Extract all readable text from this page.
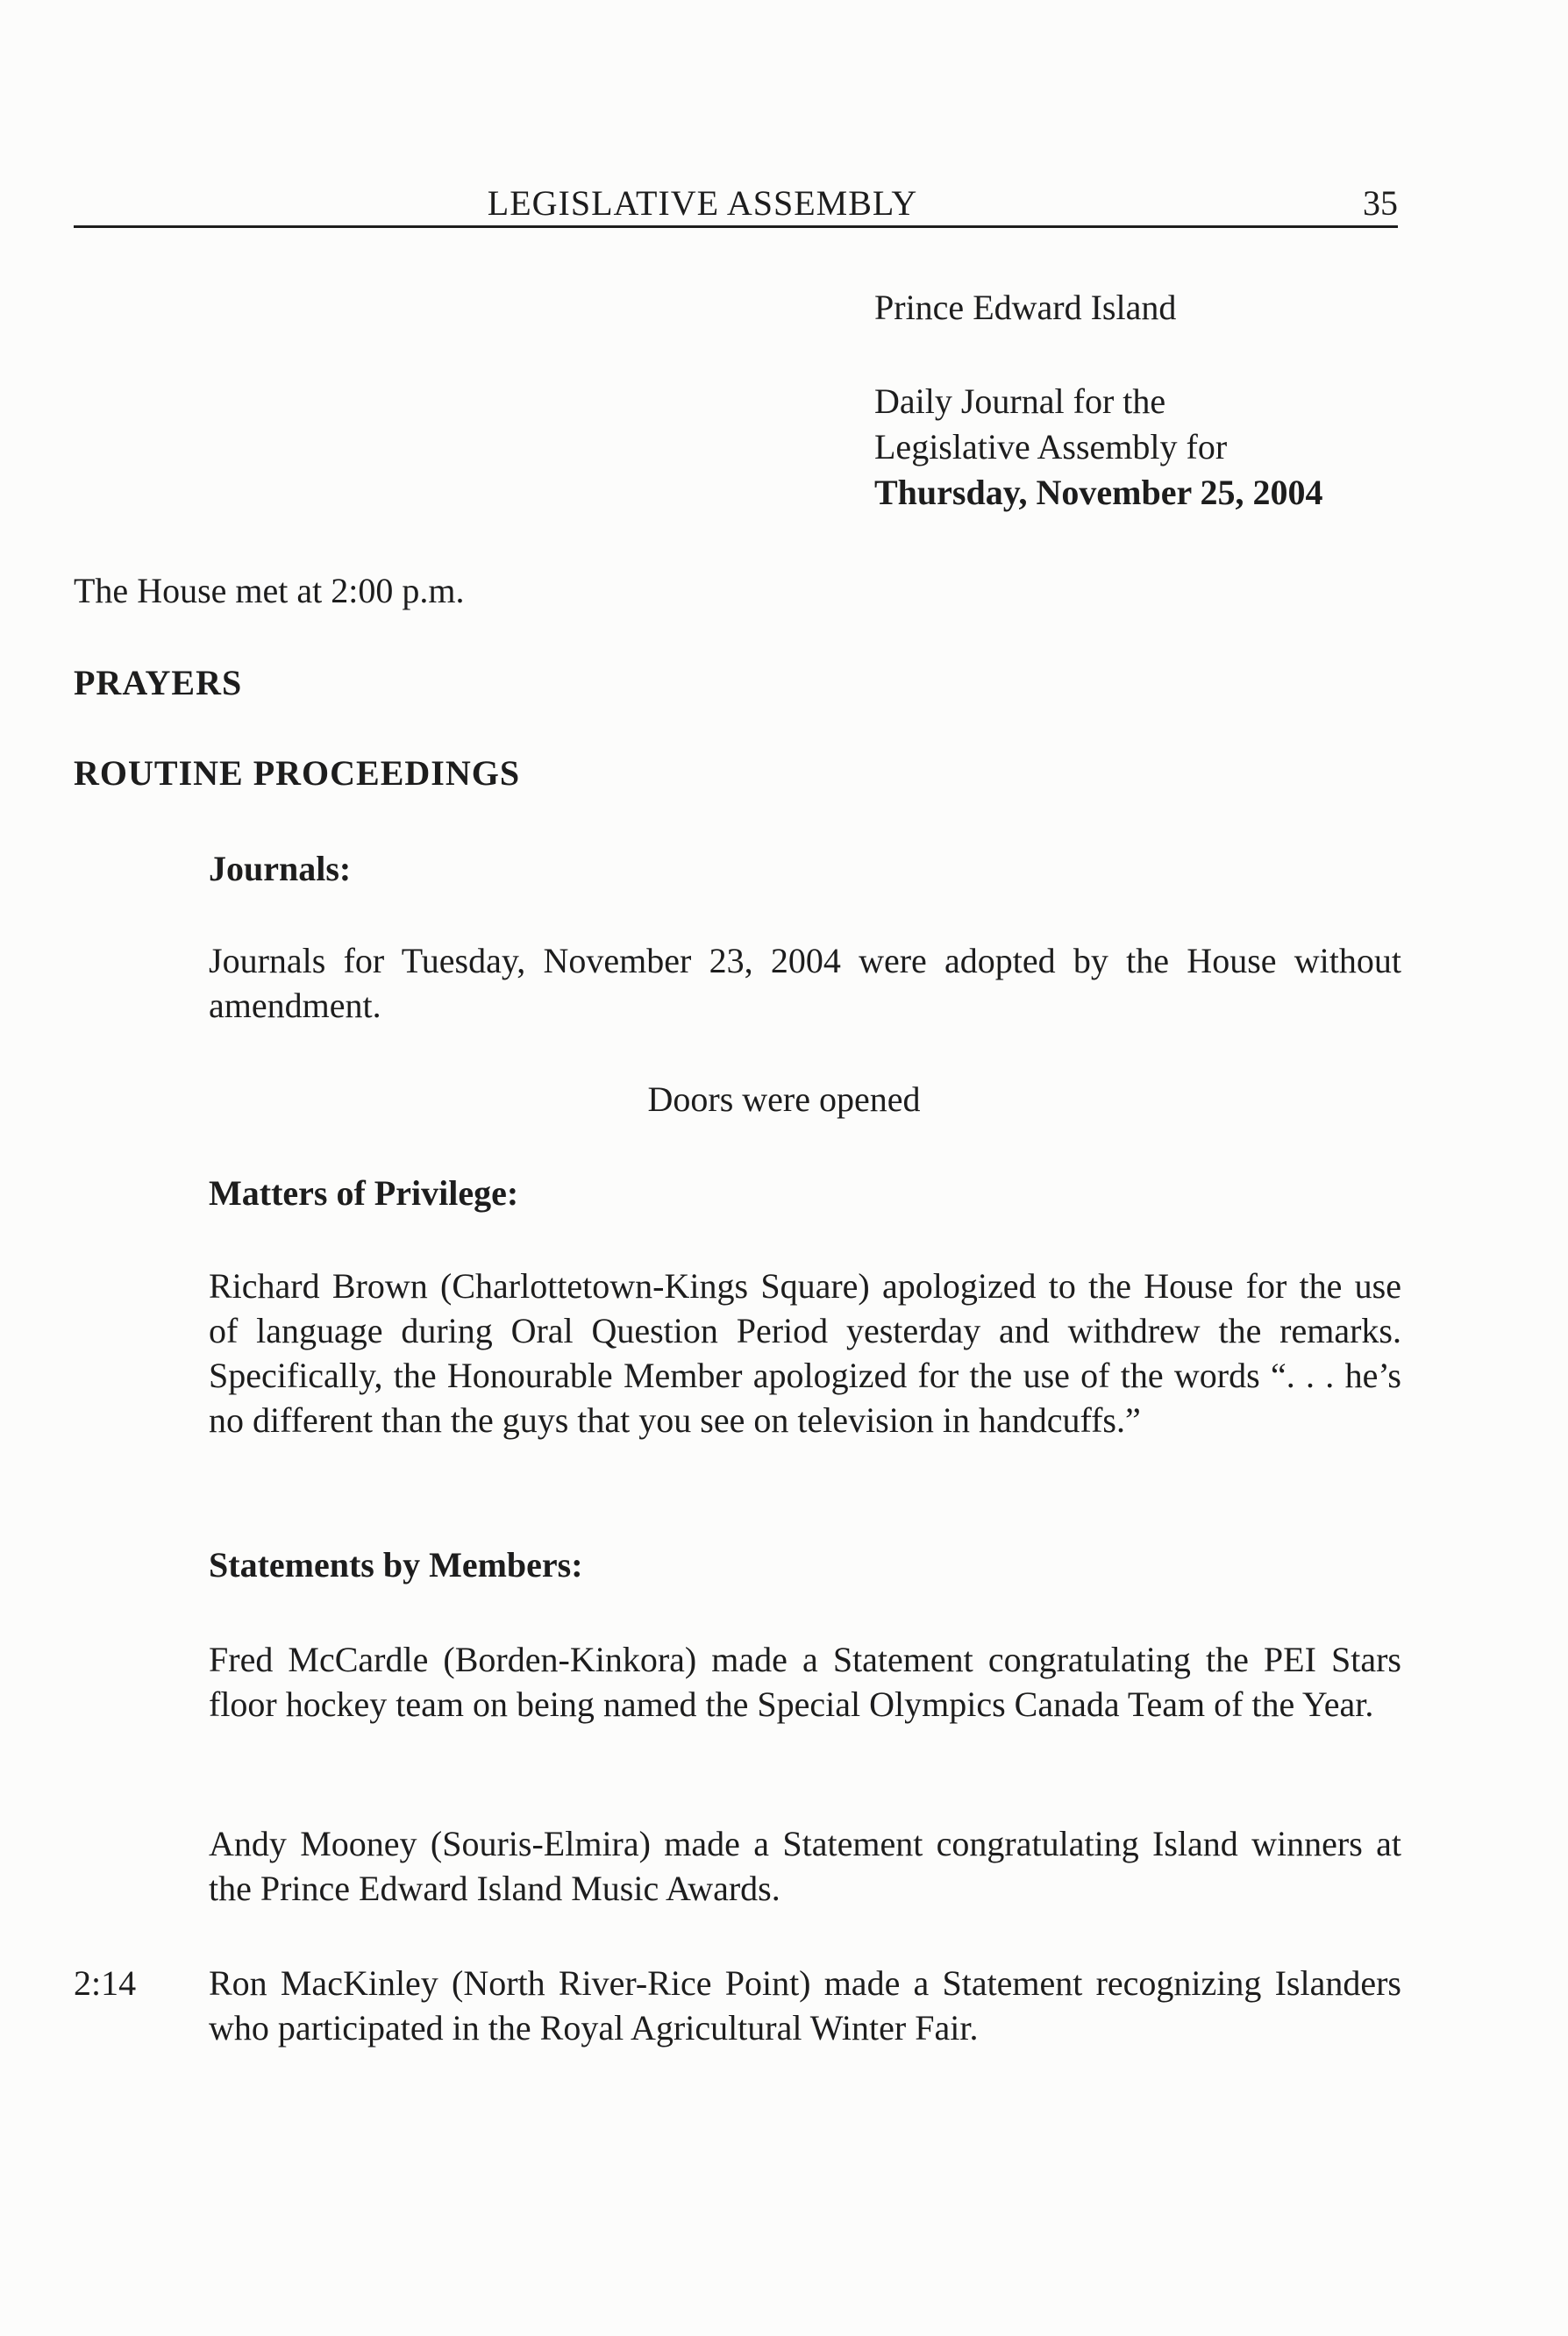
LEGISLATIVE ASSEMBLY	35
Prince Edward Island
Daily Journal for the
Legislative Assembly for
Thursday, November 25, 2004
The House met at 2:00 p.m.
PRAYERS
ROUTINE PROCEEDINGS
Journals:

Journals for Tuesday, November 23, 2004 were adopted by the House without amendment.

Doors were opened
Matters of Privilege:

Richard Brown (Charlottetown-Kings Square) apologized to the House for the use of language during Oral Question Period yesterday and withdrew the remarks. Specifically, the Honourable Member apologized for the use of the words “. . . he’s no different than the guys that you see on television in handcuffs.”

Statements by Members:

Fred McCardle (Borden-Kinkora) made a Statement congratulating the PEI Stars floor hockey team on being named the Special Olympics Canada Team of the Year.

Andy Mooney (Souris-Elmira) made a Statement congratulating Island winners at the Prince Edward Island Music Awards.

2:14 Ron MacKinley (North River-Rice Point) made a Statement recognizing Islanders who participated in the Royal Agricultural Winter Fair.
